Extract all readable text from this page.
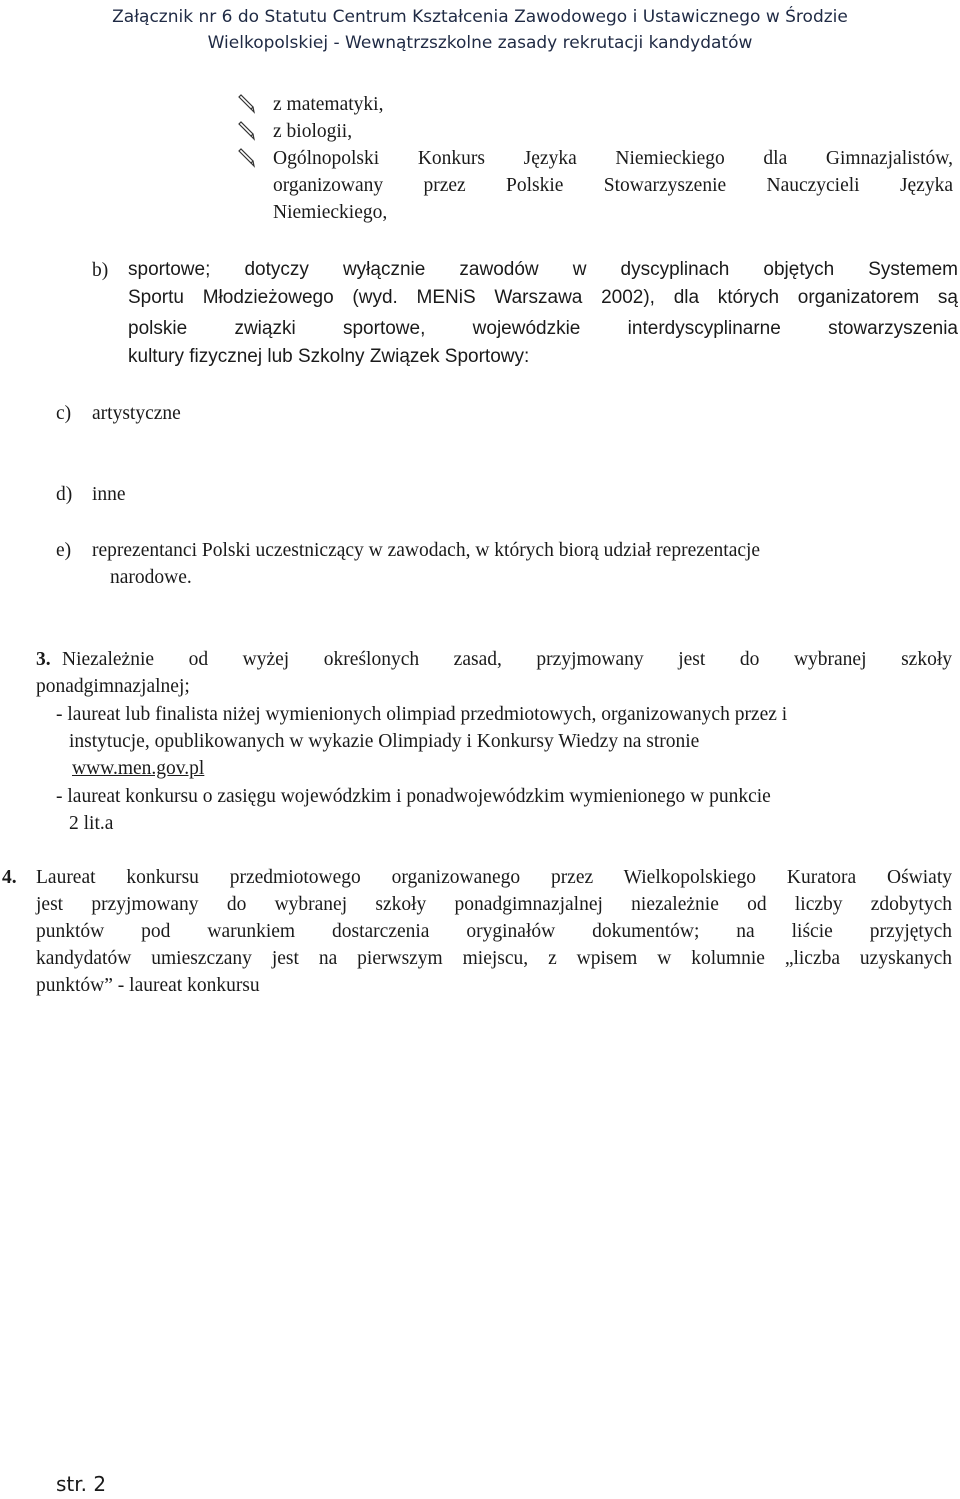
Załącznik nr 6 do Statutu Centrum Kształcenia Zawodowego i Ustawicznego w Środzie
Wielkopolskiej - Wewnątrzszkolne zasady rekrutacji kandydatów
z matematyki,
z biologii,
Ogólnopolski Konkurs Języka Niemieckiego dla Gimnazjalistów,
organizowany przez Polskie Stowarzyszenie Nauczycieli Języka
Niemieckiego,
b) sportowe; dotyczy wyłącznie zawodów w dyscyplinach objętych Systemem
Sportu Młodzieżowego (wyd. MENiS Warszawa 2002), dla których organizatorem są
polskie związki sportowe, wojewódzkie interdyscyplinarne stowarzyszenia
kultury fizycznej lub Szkolny Związek Sportowy:
c) artystyczne
d) inne
e) reprezentanci Polski uczestniczący w zawodach, w których biorą udział reprezentacje
narodowe.
3. Niezależnie od wyżej określonych zasad, przyjmowany jest do wybranej szkoły
ponadgimnazjalnej;
- laureat lub finalista niżej wymienionych olimpiad przedmiotowych, organizowanych przez i
instytucje, opublikowanych w wykazie Olimpiady i Konkursy Wiedzy na stronie
www.men.gov.pl
- laureat konkursu o zasięgu wojewódzkim i ponadwojewódzkim wymienionego w punkcie
2 lit.a
4. Laureat konkursu przedmiotowego organizowanego przez Wielkopolskiego Kuratora Oświaty
jest przyjmowany do wybranej szkoły ponadgimnazjalnej niezależnie od liczby zdobytych
punktów pod warunkiem dostarczenia oryginałów dokumentów; na liście przyjętych
kandydatów umieszczany jest na pierwszym miejscu, z wpisem w kolumnie „liczba uzyskanych
punktów” - laureat konkursu
str. 2
